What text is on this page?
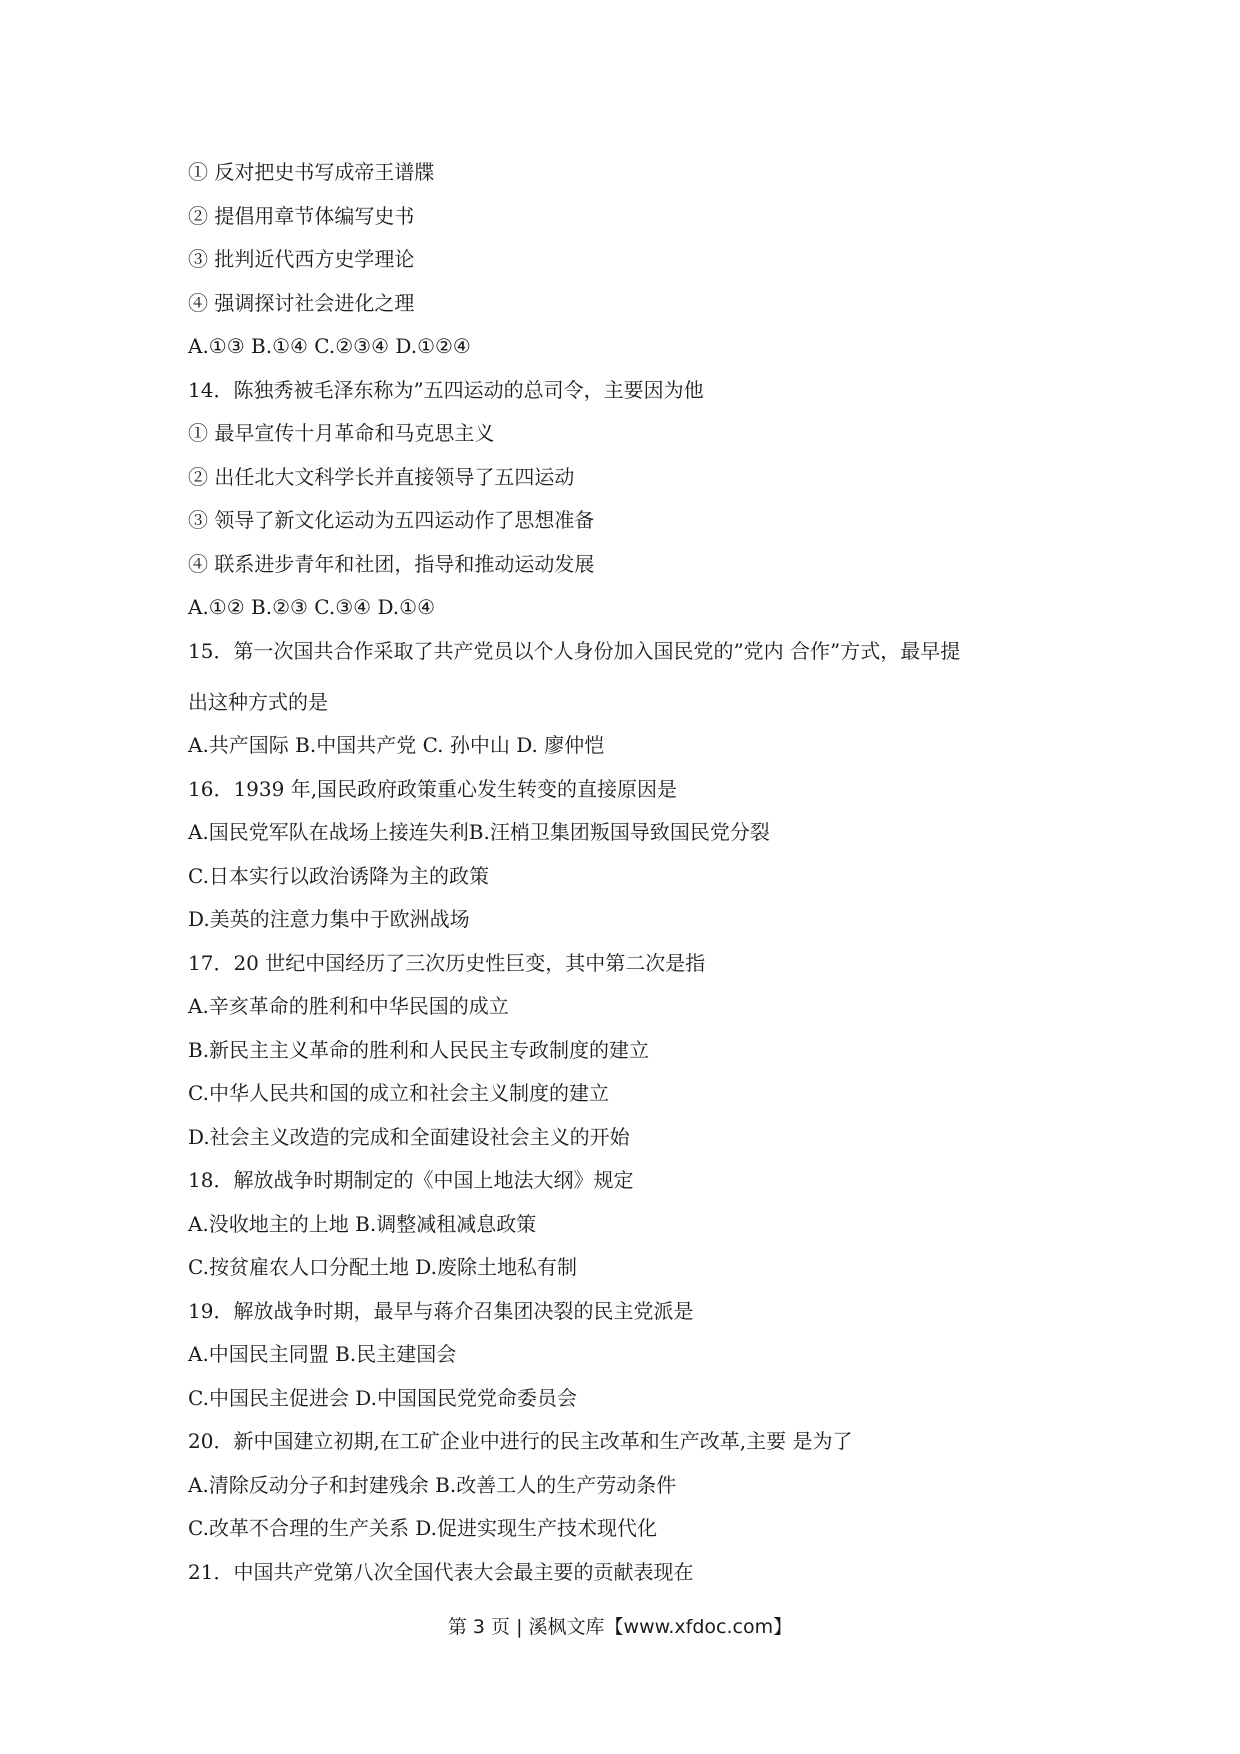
① 反对把史书写成帝王谱牒
② 提倡用章节体编写史书
③ 批判近代西方史学理论
④ 强调探讨社会进化之理
A.①③ B.①④ C.②③④ D.①②④
14．陈独秀被毛泽东称为”五四运动的总司令，主要因为他
① 最早宣传十月革命和马克思主义
② 出任北大文科学长并直接领导了五四运动
③ 领导了新文化运动为五四运动作了思想准备
④ 联系进步青年和社团，指导和推动运动发展
A.①② B.②③ C.③④ D.①④
15．第一次国共合作采取了共产党员以个人身份加入国民党的”党内 合作”方式，最早提
出这种方式的是
A.共产国际 B.中国共产党 C. 孙中山 D. 廖仲恺
16．1939 年,国民政府政策重心发生转变的直接原因是
A.国民党军队在战场上接连失利B.汪梢卫集团叛国导致国民党分裂
C.日本实行以政治诱降为主的政策
D.美英的注意力集中于欧洲战场
17．20 世纪中国经历了三次历史性巨变，其中第二次是指
A.辛亥革命的胜利和中华民国的成立
B.新民主主义革命的胜利和人民民主专政制度的建立
C.中华人民共和国的成立和社会主义制度的建立
D.社会主义改造的完成和全面建设社会主义的开始
18．解放战争时期制定的《中国上地法大纲》规定
A.没收地主的上地 B.调整减租减息政策
C.按贫雇农人口分配土地 D.废除土地私有制
19．解放战争时期，最早与蒋介召集团决裂的民主党派是
A.中国民主同盟 B.民主建国会
C.中国民主促进会 D.中国国民党党命委员会
20．新中国建立初期,在工矿企业中进行的民主改革和生产改革,主要 是为了
A.清除反动分子和封建残余 B.改善工人的生产劳动条件
C.改革不合理的生产关系 D.促进实现生产技术现代化
21．中国共产党第八次全国代表大会最主要的贡献表现在
第 3 页 | 溪枫文库【www.xfdoc.com】
